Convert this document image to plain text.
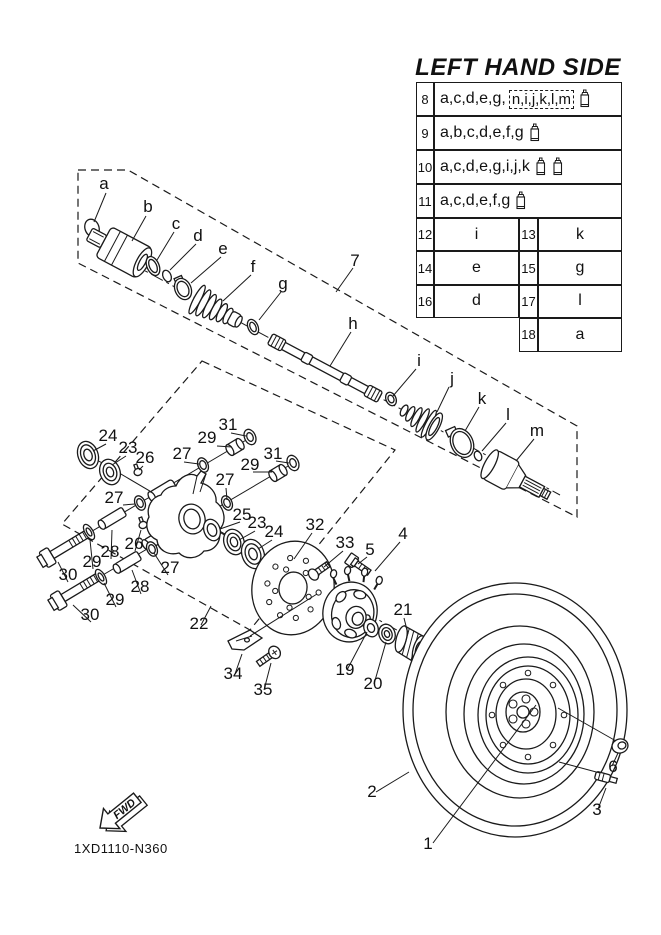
FWD
a
b
c
d
e
f
g
7
h
i
j
k
l
m
24
23
26
29
31
27	31
29
27
27
25
23
24 32
33 5
4
26
27
28
29
30
28
29
30	22
21
19
20
34
35
2
1
6
3
LEFT HAND SIDE
8 a,c,d,e,g, n,i,j,k,l,m
9 a,b,c,d,e,f,g
10 a,c,d,e,g,i,j,k
11 a,c,d,e,f,g
12	i	13	k
14	e	15	g
16	d	17	l
18	a
1XD1110-N360
